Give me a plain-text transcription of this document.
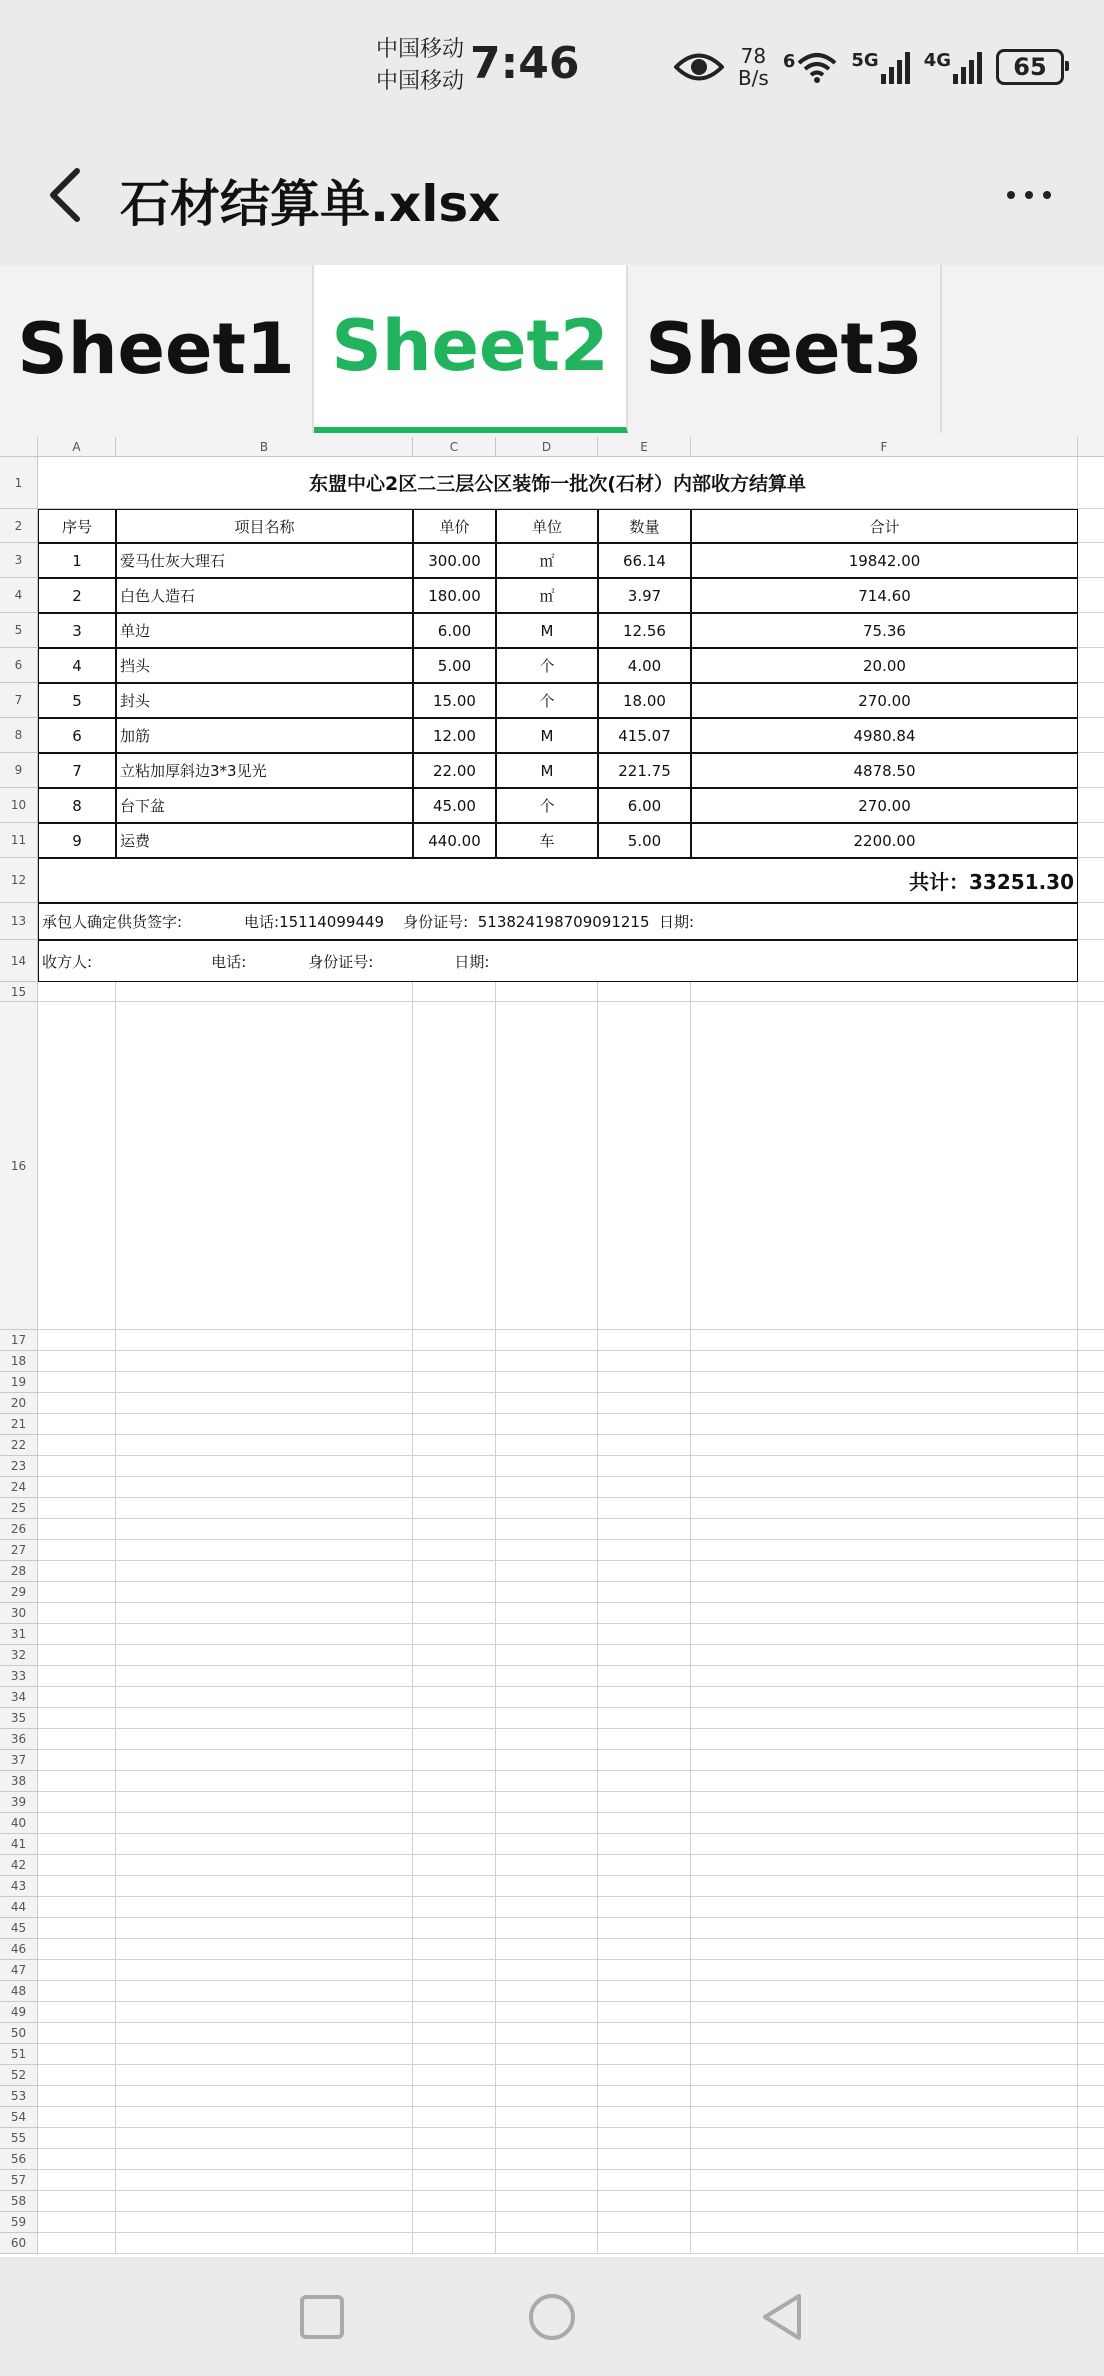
中国移动
中国移动 7:46	78
B/s
6	5G	4G	65
石材结算单.xlsx
Sheet1 Sheet2 Sheet3
A	B	C	D	E	F
1
2
3
4
5
6
7
8
9
10
11
12
13
14
15
16
17
18
19
20
21
22
23
24
25
26
27
28
29
30
31
32
33
34
35
36
37
38
39
40
41
42
43
44
45
46
47
48
49
50
51
52
53
54
55
56
57
58
59
60
东盟中心2区二三层公区装饰一批次(石材）内部收方结算单
序号	项目名称	单价	单位	数量	合计
1	爱马仕灰大理石	300.00	㎡	66.14	19842.00
2	白色人造石	180.00	㎡	3.97	714.60
3	单边	6.00	M	12.56	75.36
4	挡头	5.00	个	4.00	20.00
5	封头	15.00	个	18.00	270.00
6	加筋	12.00	M	415.07	4980.84
7	立粘加厚斜边3*3见光	22.00	M	221.75	4878.50
8	台下盆	45.00	个	6.00	270.00
9	运费	440.00	车	5.00	2200.00
共计：33251.30
承包人确定供货签字:             电话:15114099449    身份证号:  513824198709091215  日期:
收方人:                         电话:             身份证号:                 日期:
